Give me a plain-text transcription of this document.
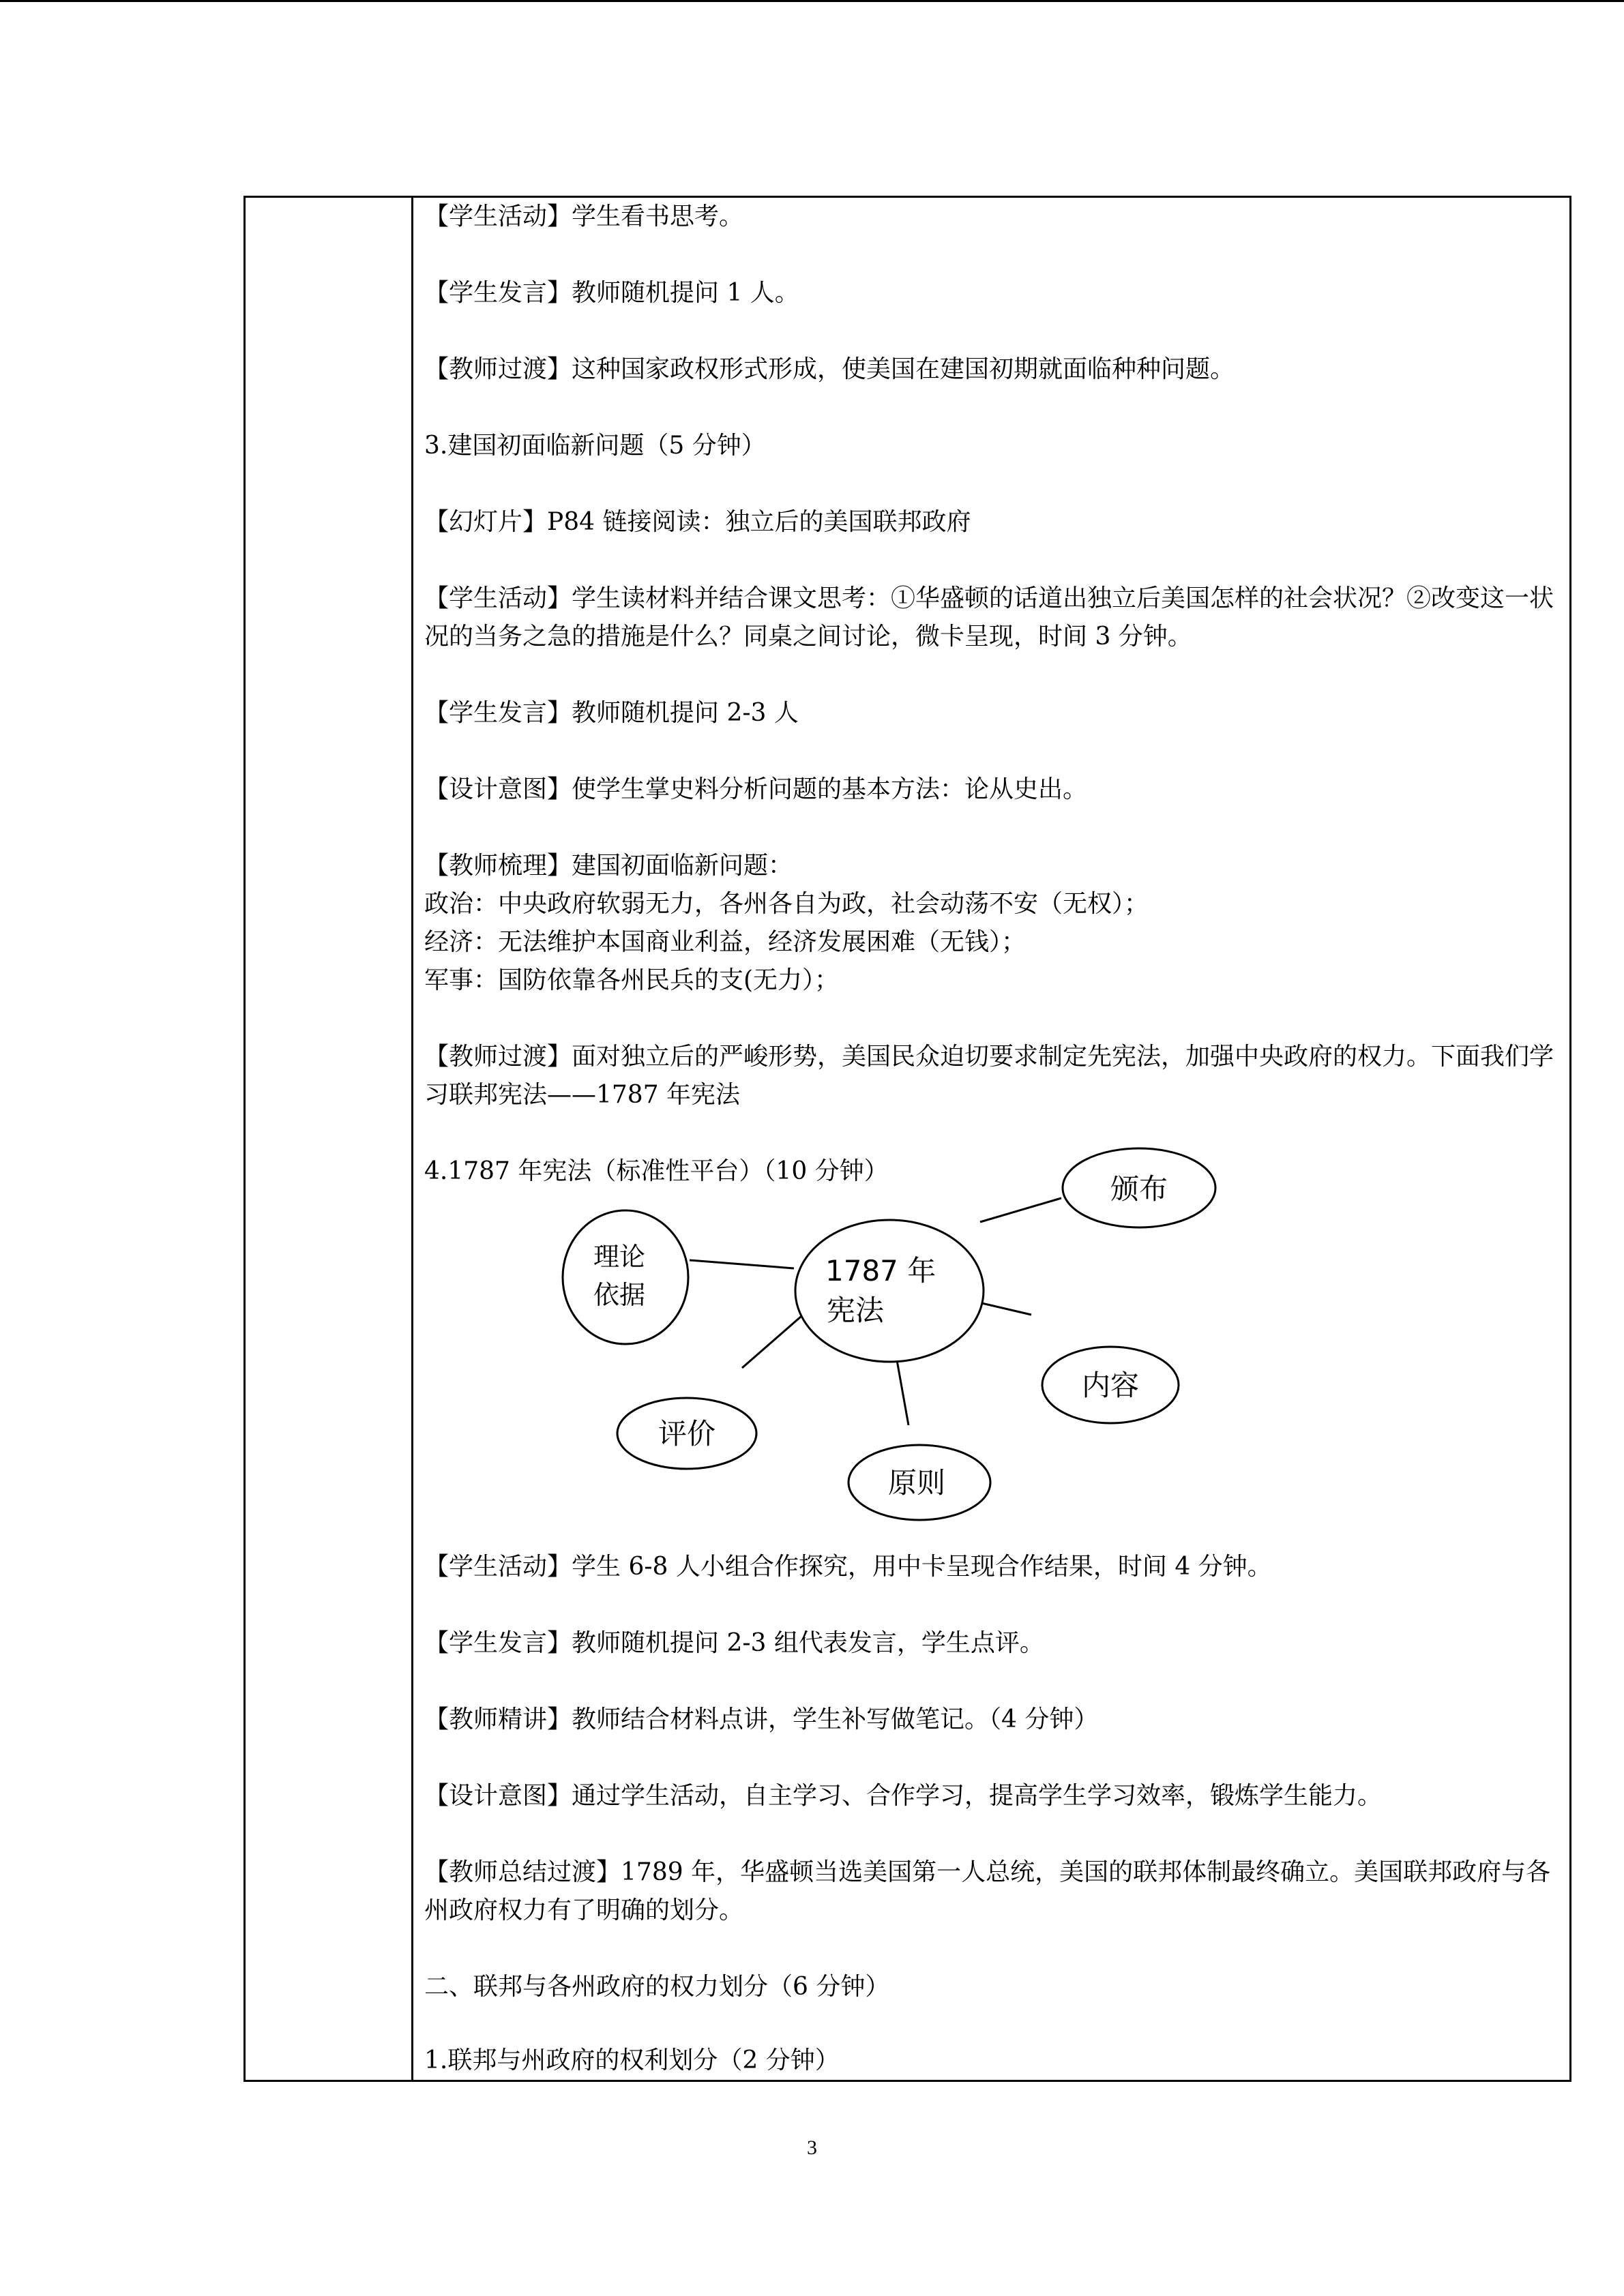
【学生活动】学生看书思考。
【学生发言】教师随机提问 1 人。
【教师过渡】这种国家政权形式形成，使美国在建国初期就面临种种问题。
3.建国初面临新问题（5 分钟）
【幻灯片】P84 链接阅读：独立后的美国联邦政府
【学生活动】学生读材料并结合课文思考：①华盛顿的话道出独立后美国怎样的社会状况？②改变这一状况的当务之急的措施是什么？同桌之间讨论，微卡呈现，时间 3 分钟。
【学生发言】教师随机提问 2-3 人
【设计意图】使学生掌史料分析问题的基本方法：论从史出。
【教师梳理】建国初面临新问题：
政治：中央政府软弱无力，各州各自为政，社会动荡不安（无权）；
经济：无法维护本国商业利益，经济发展困难（无钱）；
军事：国防依靠各州民兵的支(无力）；
【教师过渡】面对独立后的严峻形势，美国民众迫切要求制定先宪法，加强中央政府的权力。下面我们学习联邦宪法——1787 年宪法
4.1787 年宪法（标准性平台）（10 分钟）
1787 年
宪法
颁布
理论
依据
内容
评价
原则
【学生活动】学生 6-8 人小组合作探究，用中卡呈现合作结果，时间 4 分钟。
【学生发言】教师随机提问 2-3 组代表发言，学生点评。
【教师精讲】教师结合材料点讲，学生补写做笔记。（4 分钟）
【设计意图】通过学生活动，自主学习、合作学习，提高学生学习效率，锻炼学生能力。
【教师总结过渡】1789 年，华盛顿当选美国第一人总统，美国的联邦体制最终确立。美国联邦政府与各州政府权力有了明确的划分。
二、联邦与各州政府的权力划分（6 分钟）
1.联邦与州政府的权利划分（2 分钟）
3
